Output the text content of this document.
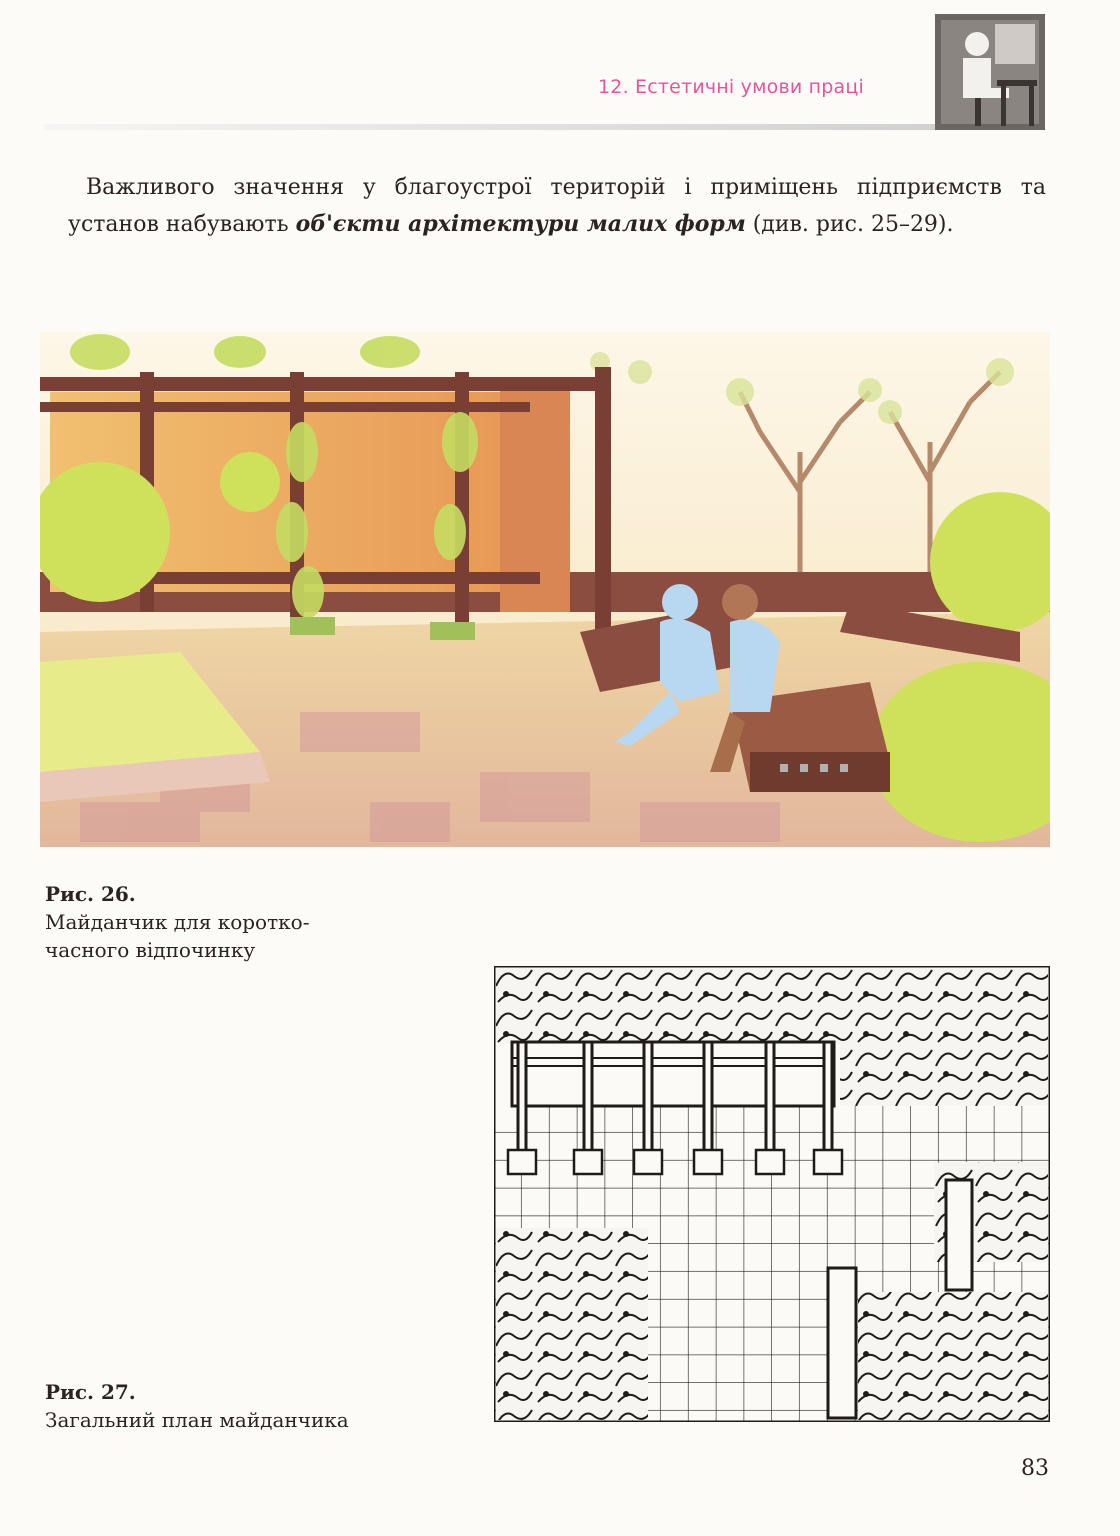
12. Естетичні умови праці
Важливого значення у благоустрої територій і приміщень підприємств та установ набувають об'єкти архітектури малих форм (див. рис. 25–29).
Рис. 26.
Майданчик для коротко-
часного відпочинку
Рис. 27.
Загальний план майданчика
83
